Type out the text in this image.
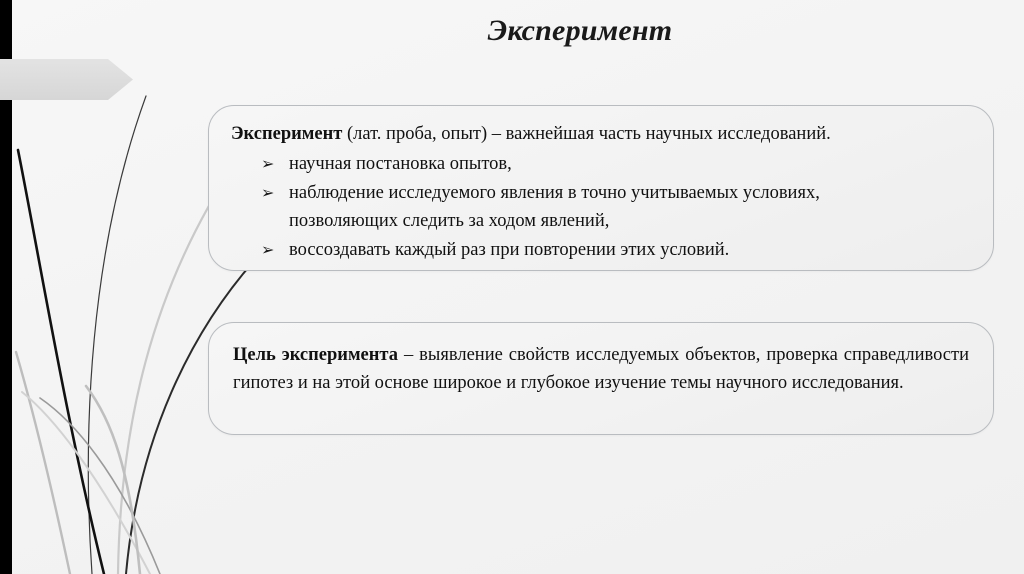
Эксперимент

Эксперимент (лат. проба, опыт) – важнейшая часть научных исследований.

➢ научная постановка опытов,
➢ наблюдение исследуемого явления в точно учитываемых условиях,
позволяющих следить за ходом явлений,
➢ воссоздавать каждый раз при повторении этих условий.

Цель эксперимента – выявление свойств исследуемых объектов, проверка справедливости гипотез и на этой основе широкое и глубокое изучение темы научного исследования.
